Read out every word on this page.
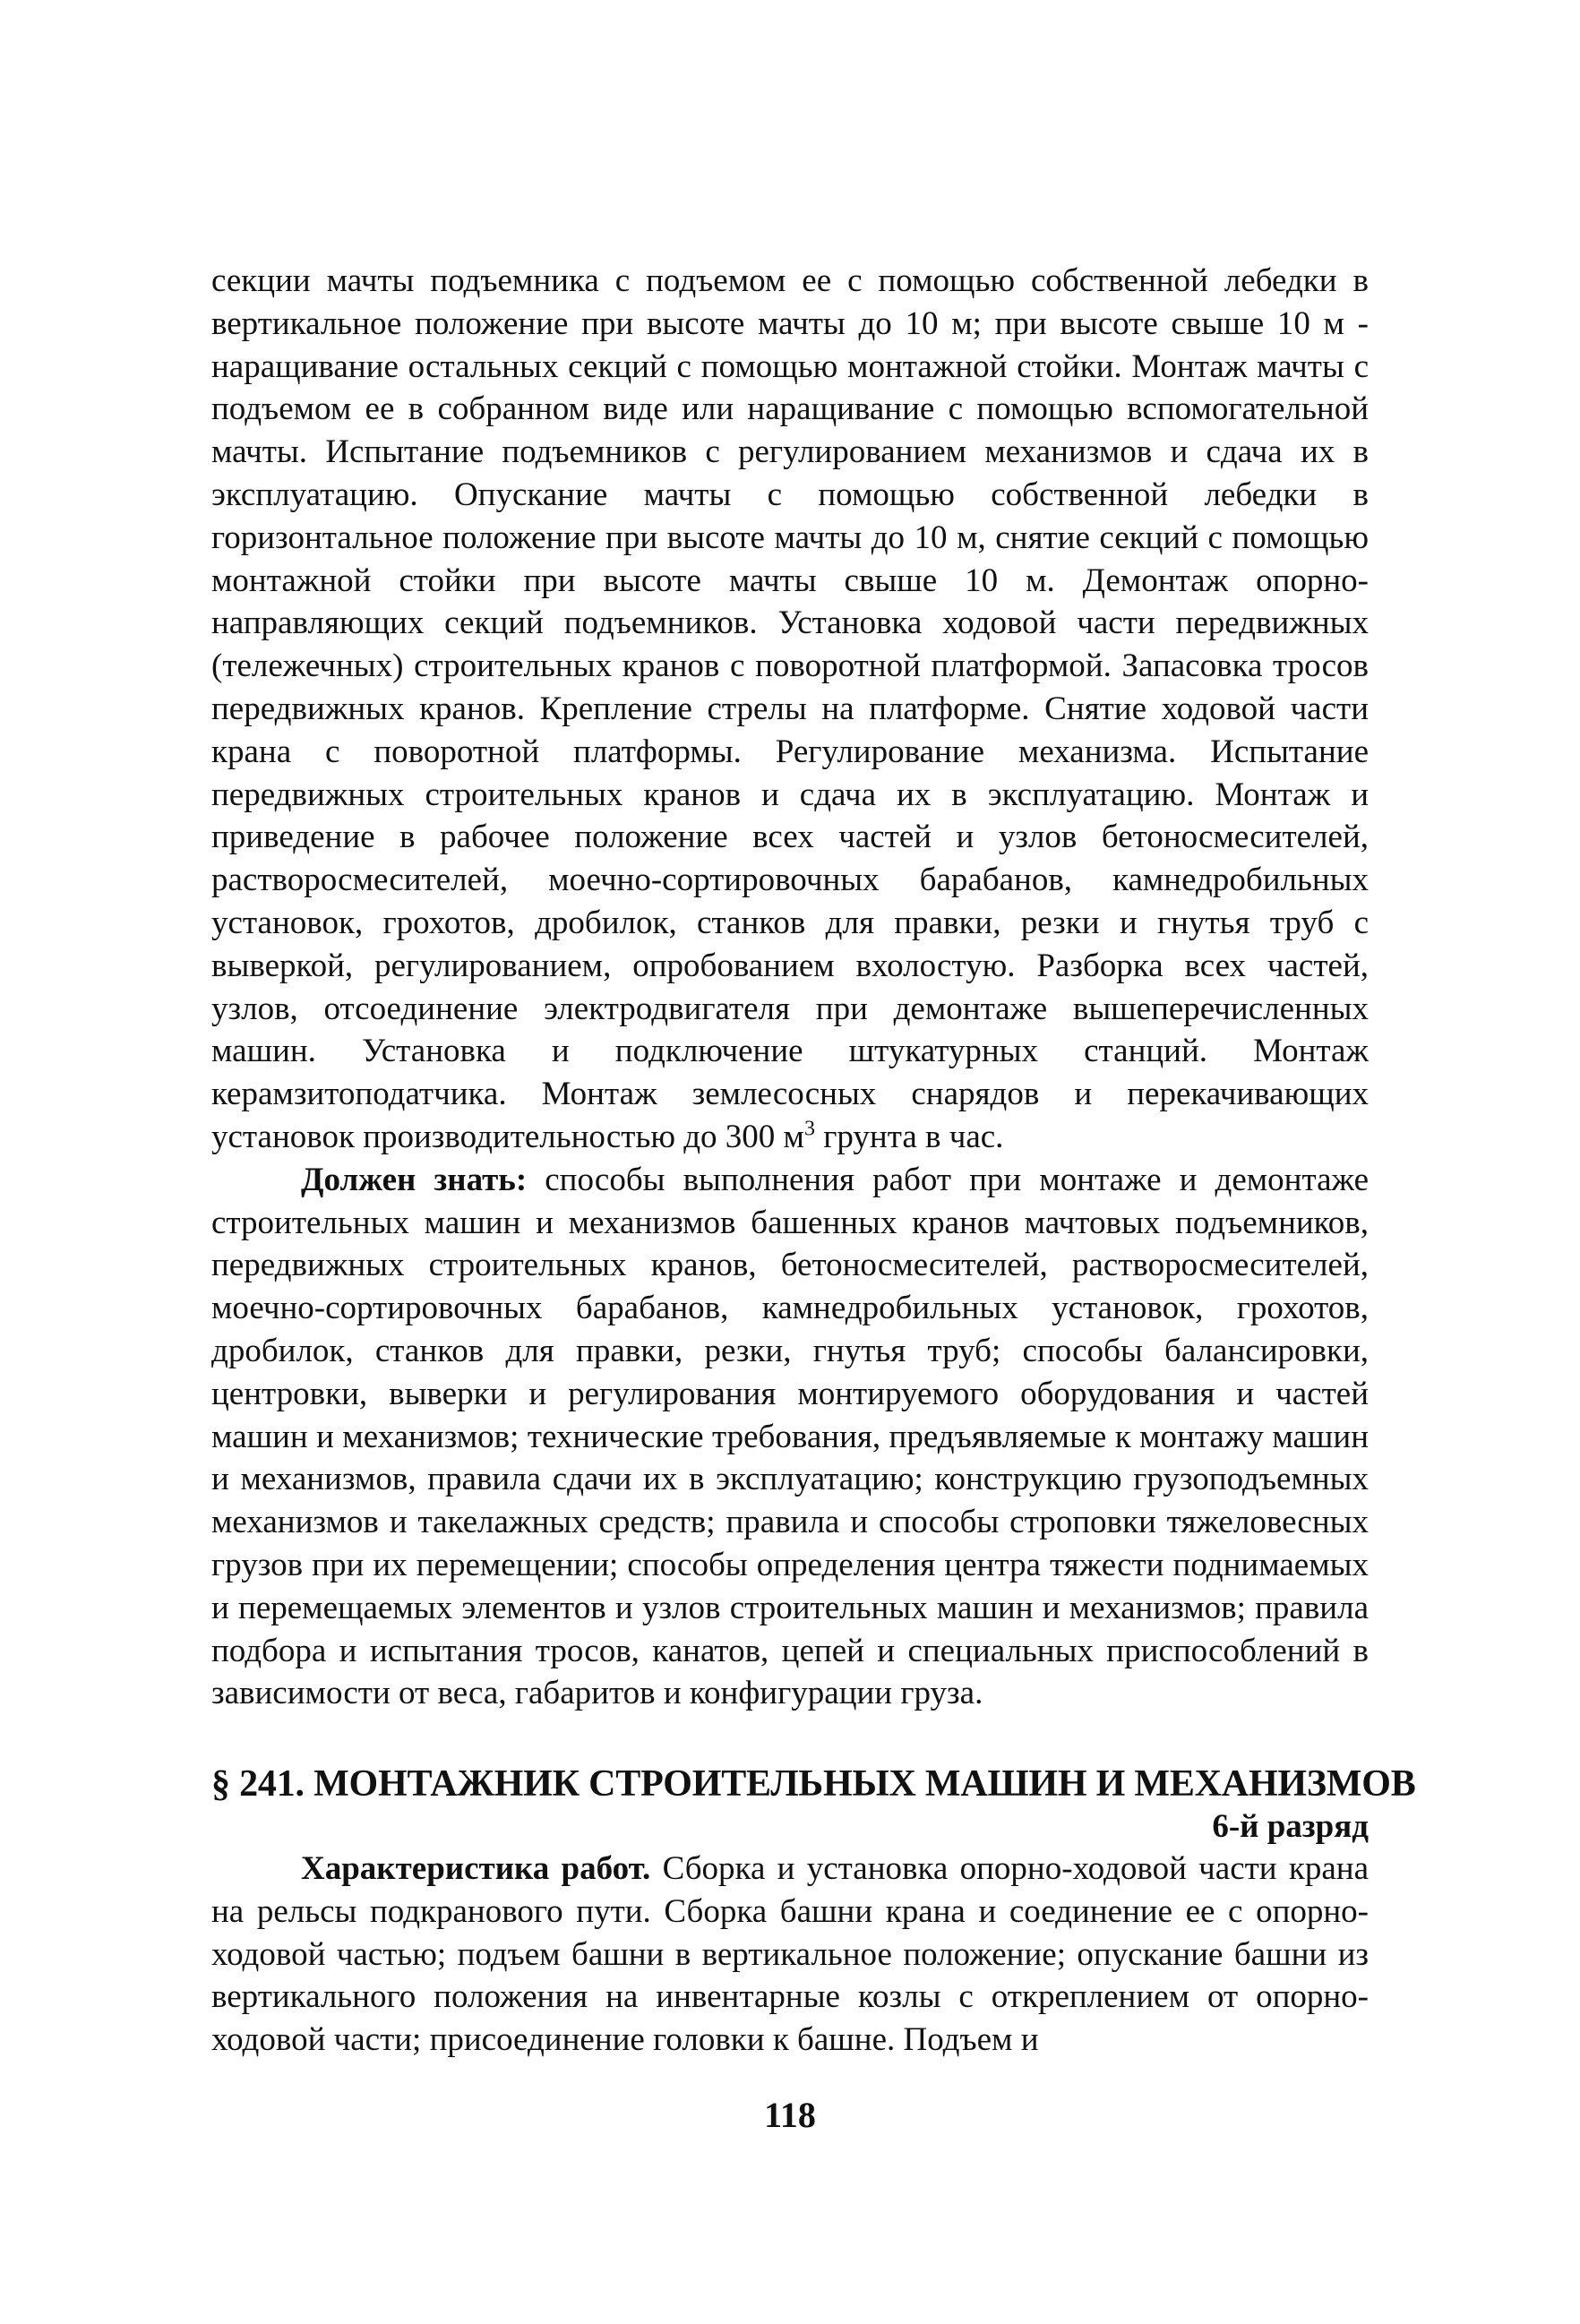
секции мачты подъемника с подъемом ее с помощью собственной лебедки в вертикальное положение при высоте мачты до 10 м; при высоте свыше 10 м - наращивание остальных секций с помощью монтажной стойки. Монтаж мачты с подъемом ее в собранном виде или наращивание с помощью вспомогательной мачты. Испытание подъемников с регулированием механизмов и сдача их в эксплуатацию. Опускание мачты с помощью собственной лебедки в горизонтальное положение при высоте мачты до 10 м, снятие секций с помощью монтажной стойки при высоте мачты свыше 10 м. Демонтаж опорно-направляющих секций подъемников. Установка ходовой части передвижных (тележечных) строительных кранов с поворотной платформой. Запасовка тросов передвижных кранов. Крепление стрелы на платформе. Снятие ходовой части крана с поворотной платформы. Регулирование механизма. Испытание передвижных строительных кранов и сдача их в эксплуатацию. Монтаж и приведение в рабочее положение всех частей и узлов бетоносмесителей, растворосмесителей, моечно-сортировочных барабанов, камнедробильных установок, грохотов, дробилок, станков для правки, резки и гнутья труб с выверкой, регулированием, опробованием вхолостую. Разборка всех частей, узлов, отсоединение электродвигателя при демонтаже вышеперечисленных машин. Установка и подключение штукатурных станций. Монтаж керамзитоподатчика. Монтаж землесосных снарядов и перекачивающих установок производительностью до 300 $м^3$ грунта в час.

Должен знать: способы выполнения работ при монтаже и демонтаже строительных машин и механизмов башенных кранов мачтовых подъемников, передвижных строительных кранов, бетоносмесителей, растворосмесителей, моечно-сортировочных барабанов, камнедробильных установок, грохотов, дробилок, станков для правки, резки, гнутья труб; способы балансировки, центровки, выверки и регулирования монтируемого оборудования и частей машин и механизмов; технические требования, предъявляемые к монтажу машин и механизмов, правила сдачи их в эксплуатацию; конструкцию грузоподъемных механизмов и такелажных средств; правила и способы строповки тяжеловесных грузов при их перемещении; способы определения центра тяжести поднимаемых и перемещаемых элементов и узлов строительных машин и механизмов; правила подбора и испытания тросов, канатов, цепей и специальных приспособлений в зависимости от веса, габаритов и конфигурации груза.

§ 241. МОНТАЖНИК СТРОИТЕЛЬНЫХ МАШИН И МЕХАНИЗМОВ

6-й разряд

Характеристика работ. Сборка и установка опорно-ходовой части крана на рельсы подкранового пути. Сборка башни крана и соединение ее с опорно-ходовой частью; подъем башни в вертикальное положение; опускание башни из вертикального положения на инвентарные козлы с откреплением от опорно-ходовой части; присоединение головки к башне. Подъем и

118
